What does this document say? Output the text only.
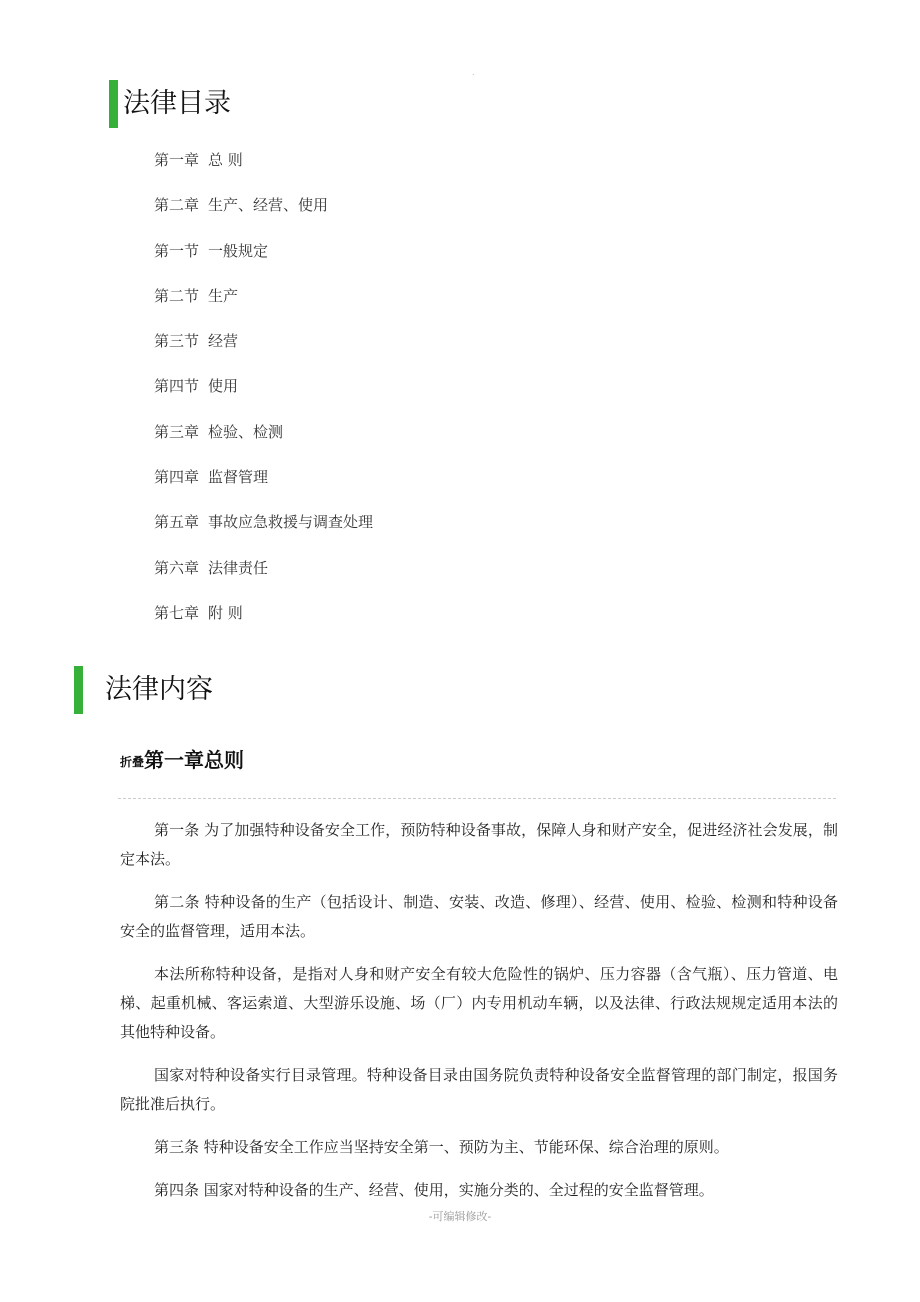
.
法律目录
第一章 总 则
第二章 生产、经营、使用
第一节 一般规定
第二节 生产
第三节 经营
第四节 使用
第三章 检验、检测
第四章 监督管理
第五章 事故应急救援与调查处理
第六章 法律责任
第七章 附 则
法律内容
折叠第一章总则

第一条 为了加强特种设备安全工作，预防特种设备事故，保障人身和财产安全，促进经济社会发展，制定本法。

第二条 特种设备的生产（包括设计、制造、安装、改造、修理）、经营、使用、检验、检测和特种设备安全的监督管理，适用本法。

本法所称特种设备，是指对人身和财产安全有较大危险性的锅炉、压力容器（含气瓶）、压力管道、电梯、起重机械、客运索道、大型游乐设施、场（厂）内专用机动车辆，以及法律、行政法规规定适用本法的其他特种设备。

国家对特种设备实行目录管理。特种设备目录由国务院负责特种设备安全监督管理的部门制定，报国务院批准后执行。

第三条 特种设备安全工作应当坚持安全第一、预防为主、节能环保、综合治理的原则。

第四条 国家对特种设备的生产、经营、使用，实施分类的、全过程的安全监督管理。

-可编辑修改-
